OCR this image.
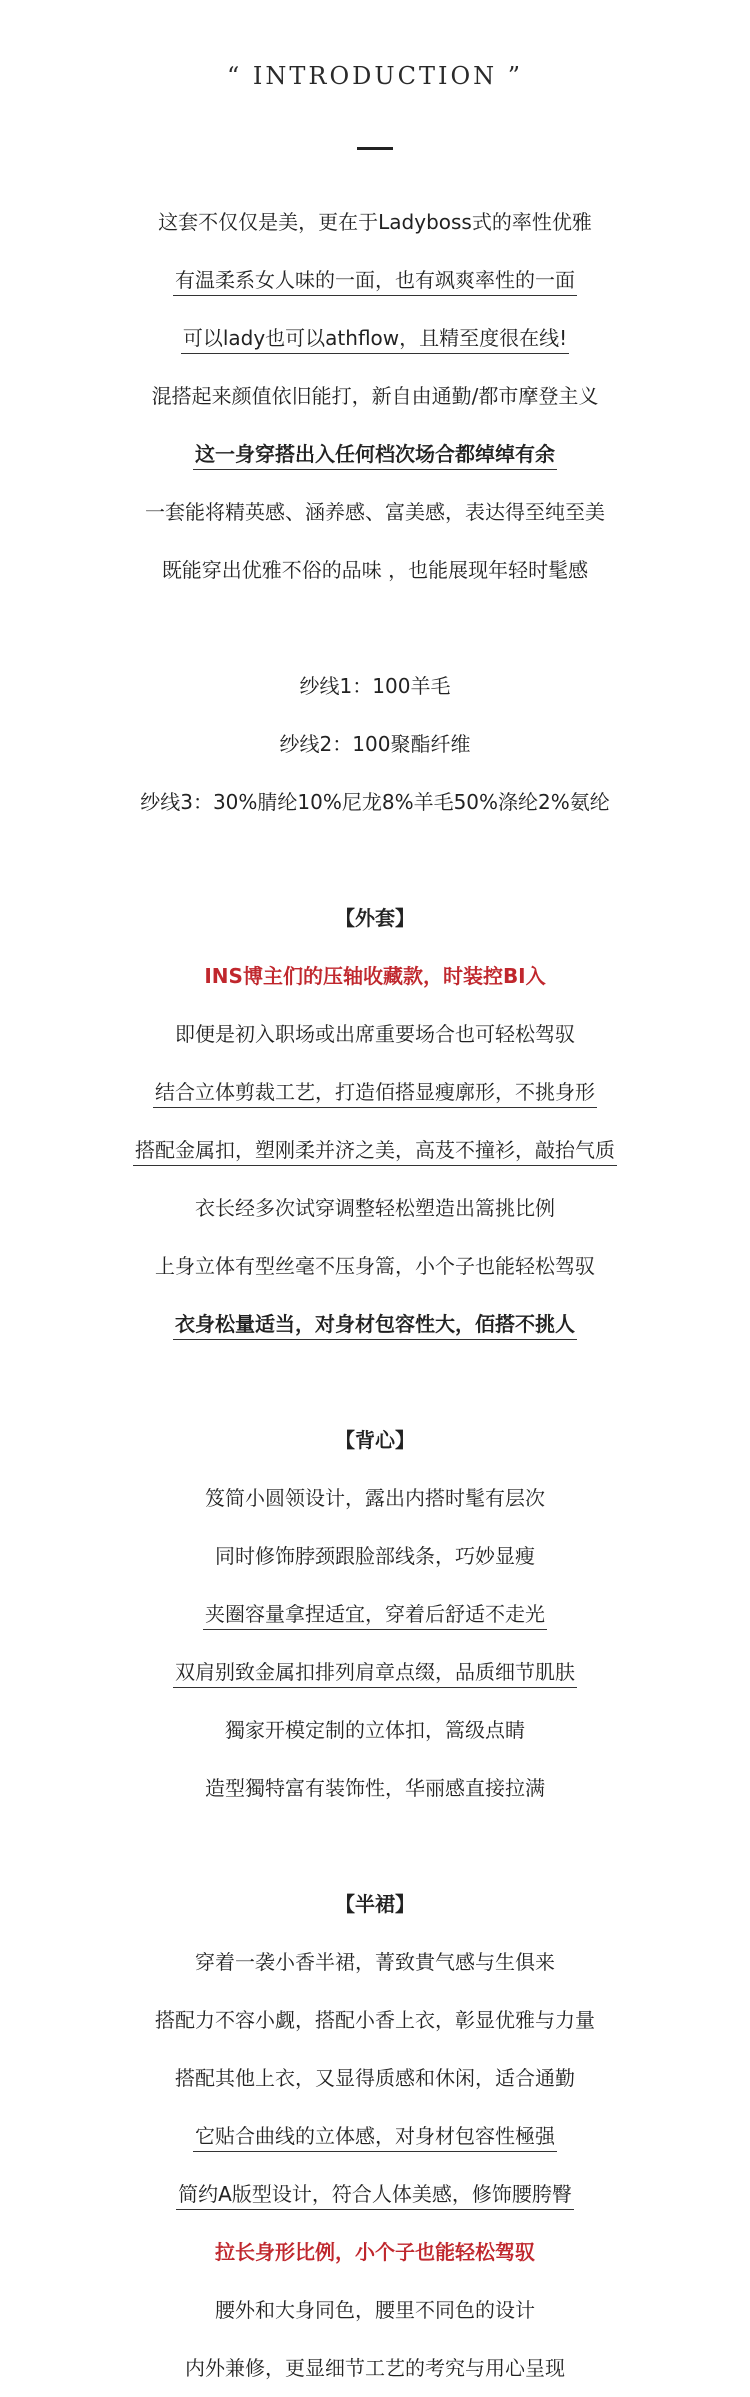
“ INTRODUCTION ”
这套不仅仅是美，更在于Ladyboss式的率性优雅
有温柔系女人味的一面，也有飒爽率性的一面
可以lady也可以athflow，且精至度很在线!
混搭起来颜值依旧能打，新自由通勤/都市摩登主义
这一身穿搭出入任何档次场合都绰绰有余
一套能将精英感、涵养感、富美感，表达得至纯至美
既能穿出优雅不俗的品味 ，也能展现年轻时髦感
纱线1：100羊毛
纱线2：100聚酯纤维
纱线3：30%腈纶10%尼龙8%羊毛50%涤纶2%氨纶
【外套】
INS博主们的压轴收藏款，时装控BI入
即便是初入职场或出席重要场合也可轻松驾驭
结合立体剪裁工艺，打造佰搭显瘦廓形，不挑身形
搭配金属扣，塑刚柔并济之美，高芨不撞衫，敲抬气质
衣长经多次试穿调整轻松塑造出篙挑比例
上身立体有型丝毫不压身篙，小个子也能轻松驾驭
衣身松量适当，对身材包容性大，佰搭不挑人
【背心】
笈简小圆领设计，露出内搭时髦有层次
同时修饰脖颈跟脸部线条，巧妙显瘦
夹圈容量拿捏适宜，穿着后舒适不走光
双肩别致金属扣排列肩章点缀，品质细节肌肤
獨家开模定制的立体扣，篙级点睛
造型獨特富有装饰性，华丽感直接拉满
【半裙】
穿着一袭小香半裙，菁致貴气感与生俱来
搭配力不容小觑，搭配小香上衣，彰显优雅与力量
搭配其他上衣，又显得质感和休闲，适合通勤
它贴合曲线的立体感，对身材包容性極强
简约A版型设计，符合人体美感，修饰腰胯臀
拉长身形比例，小个子也能轻松驾驭
腰外和大身同色，腰里不同色的设计
内外兼修，更显细节工艺的考究与用心呈现
